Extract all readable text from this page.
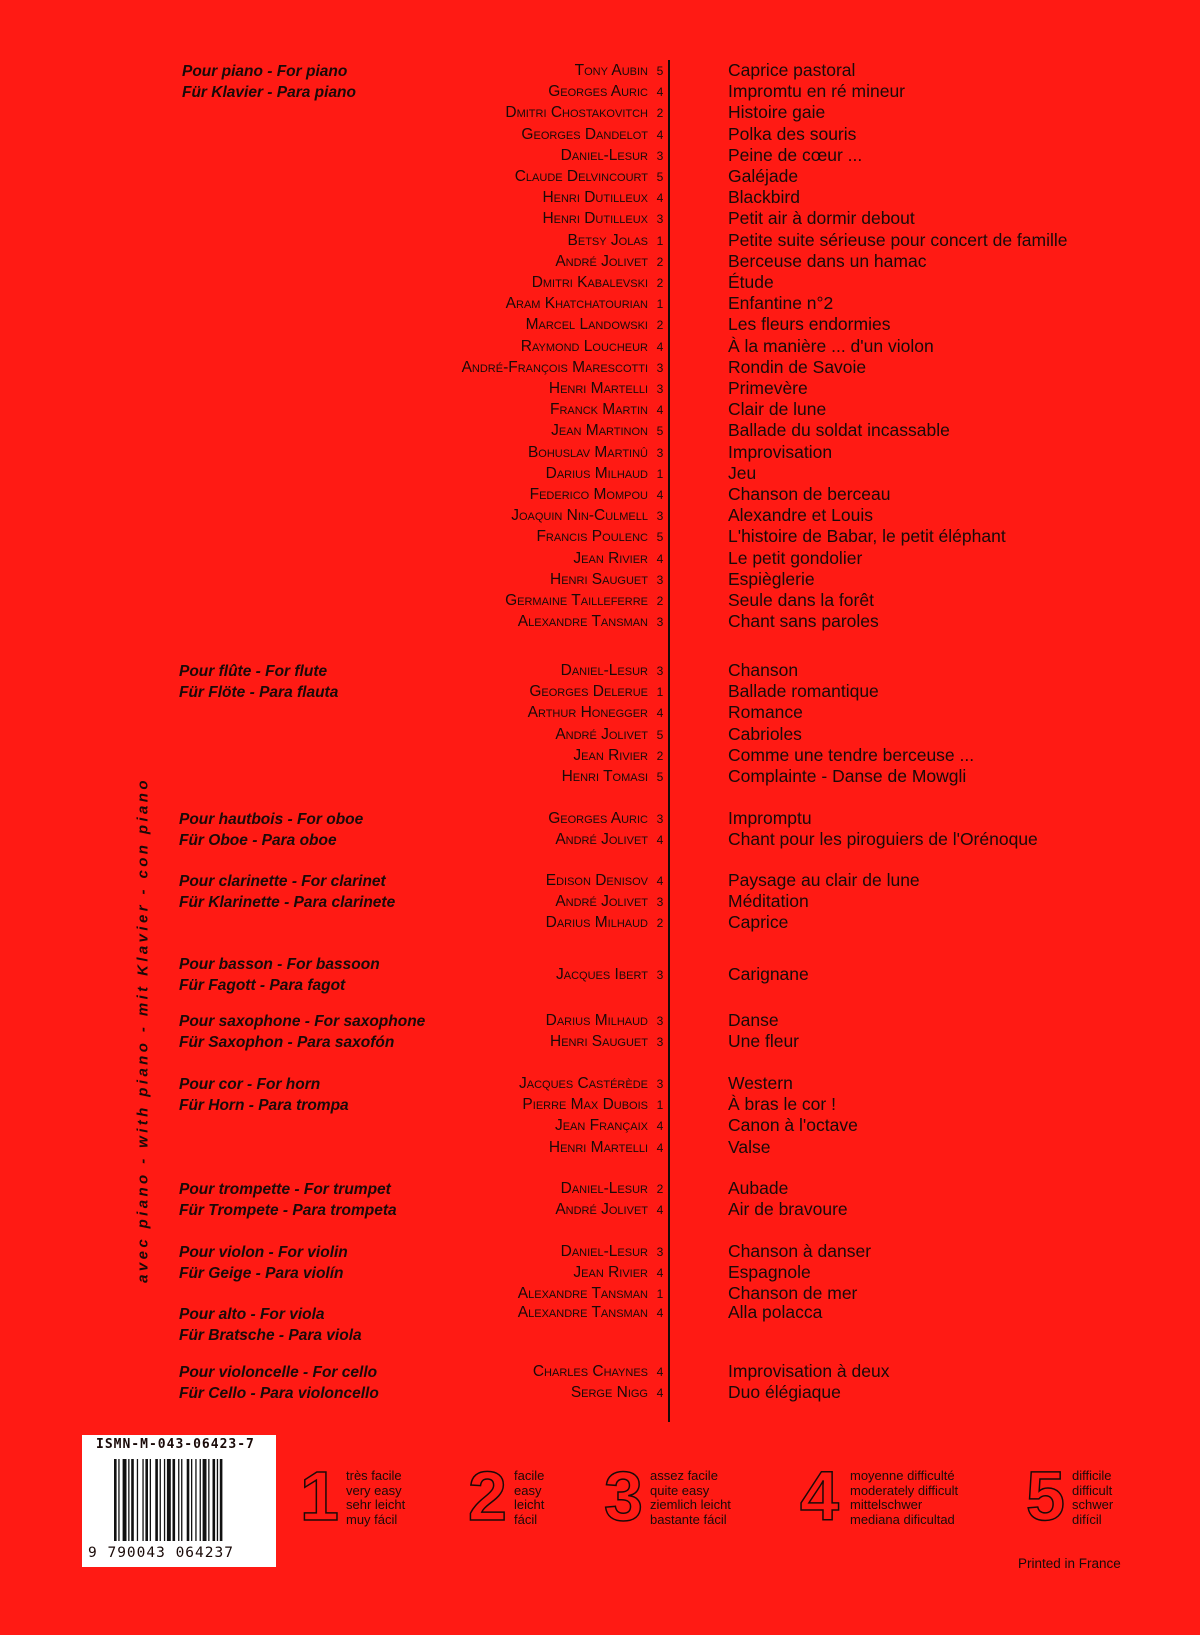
avec piano - with piano - mit Klavier - con piano
Pour piano - For piano
Für Klavier - Para piano
Tony Aubin 5	Caprice pastoral
Georges Auric 4	Impromtu en ré mineur
Dmitri Chostakovitch 2	Histoire gaie
Georges Dandelot 4	Polka des souris
Daniel-Lesur 3	Peine de cœur ...
Claude Delvincourt 5	Galéjade
Henri Dutilleux 4	Blackbird
Henri Dutilleux 3	Petit air à dormir debout
Betsy Jolas 1	Petite suite sérieuse pour concert de famille
André Jolivet 2	Berceuse dans un hamac
Dmitri Kabalevski 2	Étude
Aram Khatchatourian 1	Enfantine n°2
Marcel Landowski 2	Les fleurs endormies
Raymond Loucheur 4	À la manière ... d'un violon
André-François Marescotti 3	Rondin de Savoie
Henri Martelli 3	Primevère
Franck Martin 4	Clair de lune
Jean Martinon 5	Ballade du soldat incassable
Bohuslav Martinû 3	Improvisation
Darius Milhaud 1	Jeu
Federico Mompou 4	Chanson de berceau
Joaquin Nin-Culmell 3	Alexandre et Louis
Francis Poulenc 5	L'histoire de Babar, le petit éléphant
Jean Rivier 4	Le petit gondolier
Henri Sauguet 3	Espièglerie
Germaine Tailleferre 2	Seule dans la forêt
Alexandre Tansman 3	Chant sans paroles
Pour flûte - For flute
Für Flöte - Para flauta
Daniel-Lesur 3	Chanson
Georges Delerue 1	Ballade romantique
Arthur Honegger 4	Romance
André Jolivet 5	Cabrioles
Jean Rivier 2	Comme une tendre berceuse ...
Henri Tomasi 5	Complainte - Danse de Mowgli
Pour hautbois - For oboe
Für Oboe - Para oboe
Georges Auric 3	Impromptu
André Jolivet 4	Chant pour les piroguiers de l'Orénoque
Pour clarinette - For clarinet
Für Klarinette - Para clarinete
Edison Denisov 4	Paysage au clair de lune
André Jolivet 3	Méditation
Darius Milhaud 2	Caprice
Pour basson - For bassoon
Für Fagott - Para fagot
Jacques Ibert 3	Carignane
Pour saxophone - For saxophone
Für Saxophon - Para saxofón
Darius Milhaud 3	Danse
Henri Sauguet 3	Une fleur
Pour cor - For horn
Für Horn - Para trompa
Jacques Castérède 3	Western
Pierre Max Dubois 1	À bras le cor !
Jean Françaix 4	Canon à l'octave
Henri Martelli 4	Valse
Pour trompette - For trumpet
Für Trompete - Para trompeta
Daniel-Lesur 2	Aubade
André Jolivet 4	Air de bravoure
Pour violon - For violin
Für Geige - Para violín
Daniel-Lesur 3	Chanson à danser
Jean Rivier 4	Espagnole
Alexandre Tansman 1	Chanson de mer
Pour alto - For viola
Für Bratsche - Para viola
Alexandre Tansman 4	Alla polacca
Pour violoncelle - For cello
Für Cello - Para violoncello
Charles Chaynes 4	Improvisation à deux
Serge Nigg 4	Duo élégiaque
ISMN-M-043-06423-7
9 790043 064237
1 très facile
very easy
sehr leicht
muy fácil 2 facile
easy
leicht
fácil 3 assez facile
quite easy
ziemlich leicht
bastante fácil 4 moyenne difficulté
moderately difficult
mittelschwer
mediana dificultad 5 difficile
difficult
schwer
difícil
Printed in France
